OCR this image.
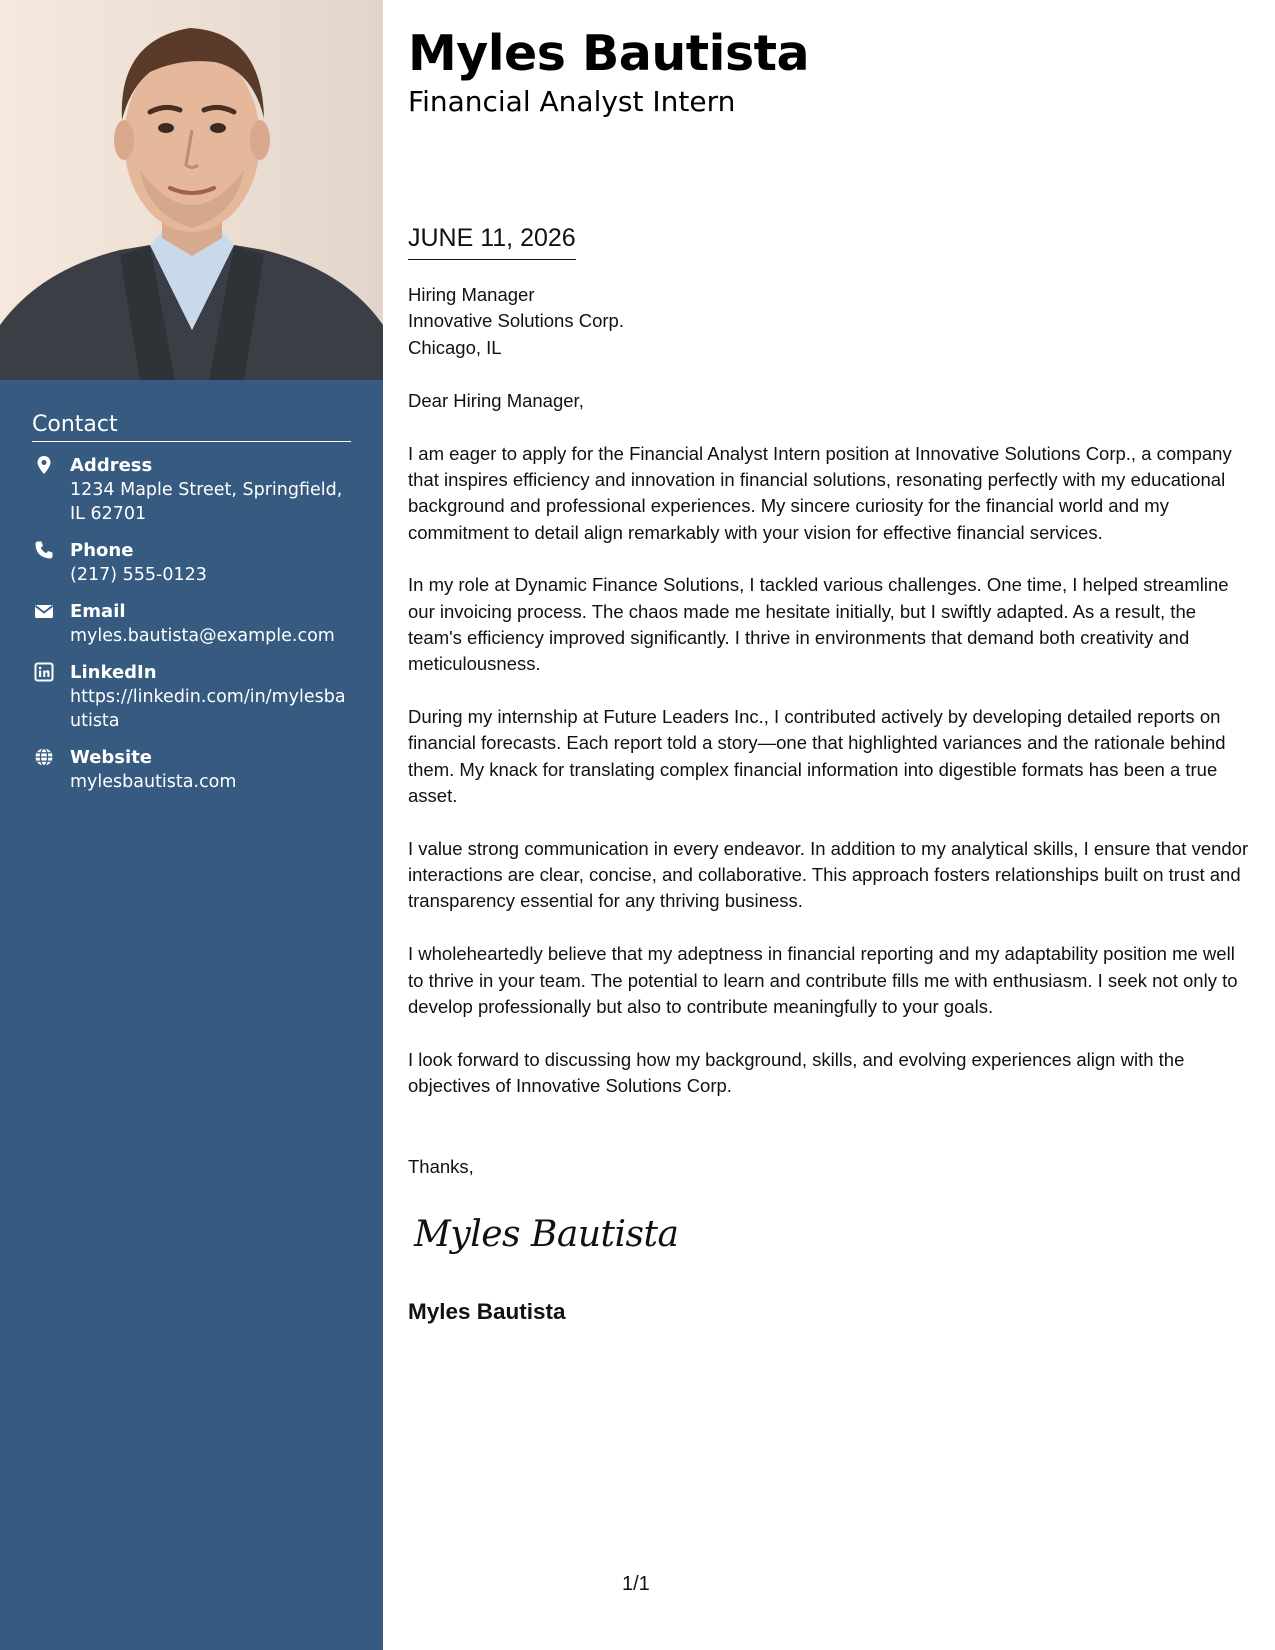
Contact
Address
1234 Maple Street, Springfield, IL 62701
Phone
(217) 555-0123
Email
myles.bautista@example.com
LinkedIn
https://linkedin.com/in/mylesbautista
Website
mylesbautista.com
Myles Bautista
Financial Analyst Intern
JUNE 11, 2026
Hiring Manager
Innovative Solutions Corp.
Chicago, IL

Dear Hiring Manager,

I am eager to apply for the Financial Analyst Intern position at Innovative Solutions Corp., a company that inspires efficiency and innovation in financial solutions, resonating perfectly with my educational background and professional experiences. My sincere curiosity for the financial world and my commitment to detail align remarkably with your vision for effective financial services.

In my role at Dynamic Finance Solutions, I tackled various challenges. One time, I helped streamline our invoicing process. The chaos made me hesitate initially, but I swiftly adapted. As a result, the team's efficiency improved significantly. I thrive in environments that demand both creativity and meticulousness.

During my internship at Future Leaders Inc., I contributed actively by developing detailed reports on financial forecasts. Each report told a story—one that highlighted variances and the rationale behind them. My knack for translating complex financial information into digestible formats has been a true asset.

I value strong communication in every endeavor. In addition to my analytical skills, I ensure that vendor interactions are clear, concise, and collaborative. This approach fosters relationships built on trust and transparency essential for any thriving business.

I wholeheartedly believe that my adeptness in financial reporting and my adaptability position me well to thrive in your team. The potential to learn and contribute fills me with enthusiasm. I seek not only to develop professionally but also to contribute meaningfully to your goals.

I look forward to discussing how my background, skills, and evolving experiences align with the objectives of Innovative Solutions Corp.

Thanks,
Myles Bautista
Myles Bautista
1/1
